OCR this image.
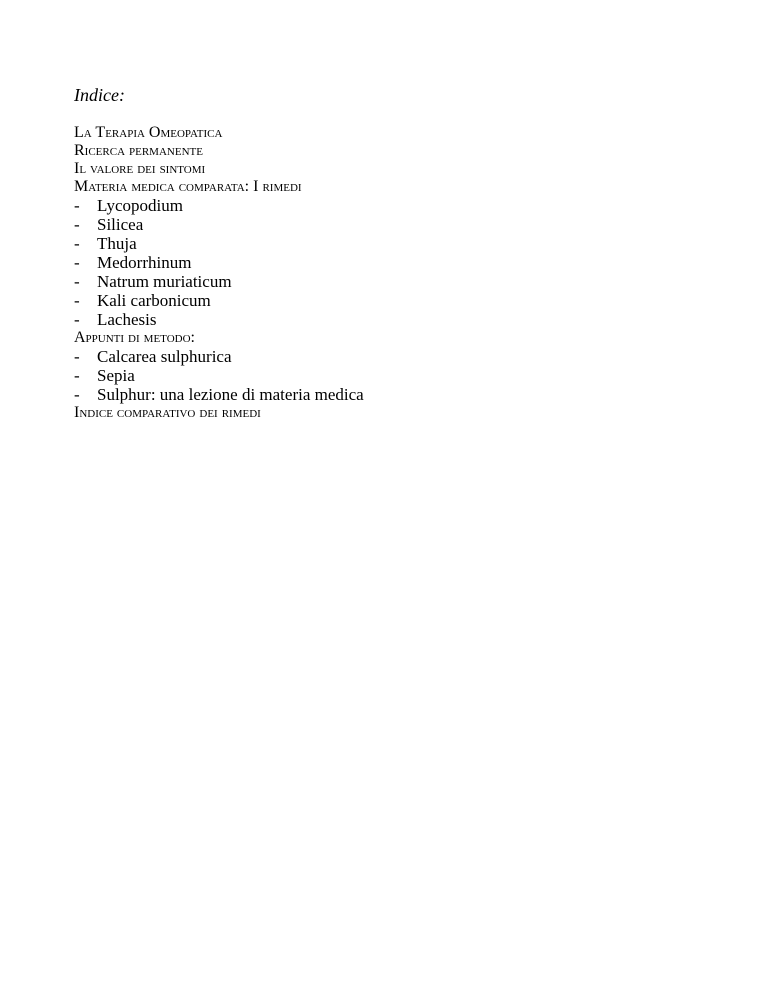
Indice:

La Terapia Omeopatica

Ricerca permanente

Il valore dei sintomi

Materia medica comparata: I rimedi

-	Lycopodium
-	Silicea
-	Thuja
-	Medorrhinum
-	Natrum muriaticum
-	Kali carbonicum
-	Lachesis

Appunti di metodo:

-	Calcarea sulphurica
-	Sepia
-	Sulphur: una lezione di materia medica

Indice comparativo dei rimedi
